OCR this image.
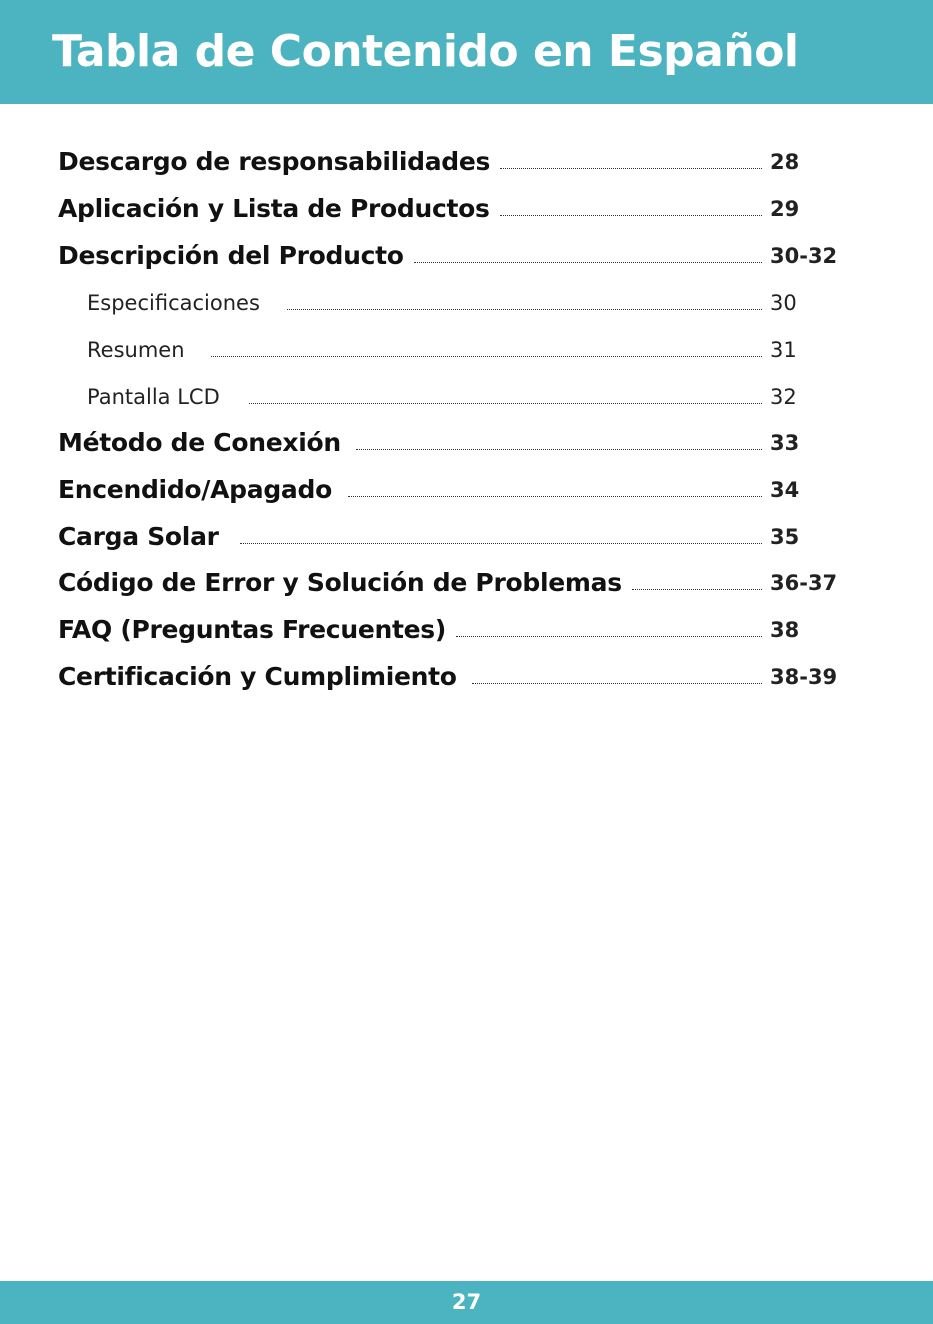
Tabla de Contenido en Español
Descargo de responsabilidades	28
Aplicación y Lista de Productos	29
Descripción del Producto	30-32
Especificaciones	30
Resumen	31
Pantalla LCD	32
Método de Conexión	33
Encendido/Apagado	34
Carga Solar	35
Código de Error y Solución de Problemas	36-37
FAQ (Preguntas Frecuentes)	38
Certificación y Cumplimiento	38-39
27
